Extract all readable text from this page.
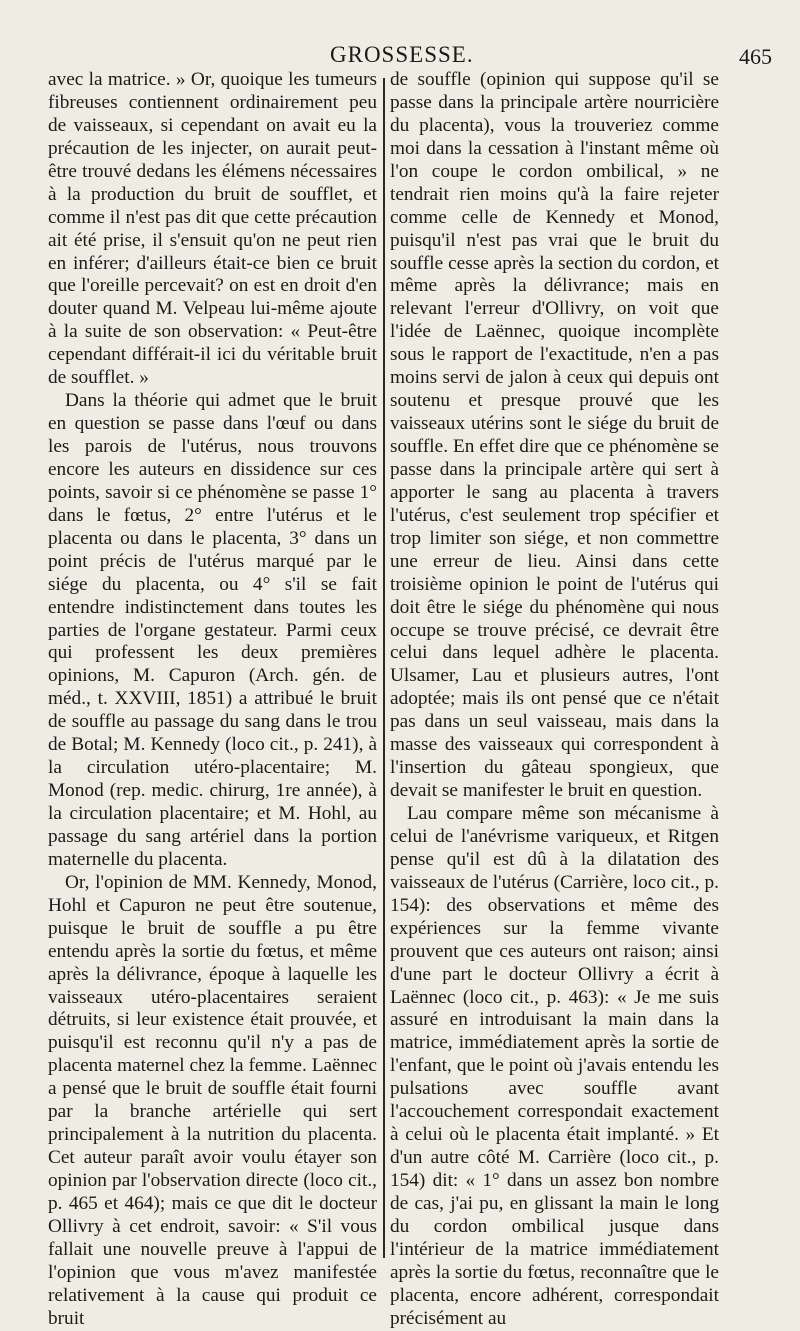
GROSSESSE.	465

avec la matrice. » Or, quoique les tumeurs fibreuses contiennent ordinairement peu de vaisseaux, si cependant on avait eu la précaution de les injecter, on aurait peut-être trouvé dedans les élémens nécessaires à la production du bruit de soufflet, et comme il n'est pas dit que cette précaution ait été prise, il s'ensuit qu'on ne peut rien en inférer; d'ailleurs était-ce bien ce bruit que l'oreille percevait? on est en droit d'en douter quand M. Velpeau lui-même ajoute à la suite de son observation: « Peut-être cependant différait-il ici du véritable bruit de soufflet. »

Dans la théorie qui admet que le bruit en question se passe dans l'œuf ou dans les parois de l'utérus, nous trouvons encore les auteurs en dissidence sur ces points, savoir si ce phénomène se passe 1° dans le fœtus, 2° entre l'utérus et le placenta ou dans le placenta, 3° dans un point précis de l'utérus marqué par le siége du placenta, ou 4° s'il se fait entendre indistinctement dans toutes les parties de l'organe gestateur. Parmi ceux qui professent les deux premières opinions, M. Capuron (Arch. gén. de méd., t. XXVIII, 1851) a attribué le bruit de souffle au passage du sang dans le trou de Botal; M. Kennedy (loco cit., p. 241), à la circulation utéro-placentaire; M. Monod (rep. medic. chirurg, 1re année), à la circulation placentaire; et M. Hohl, au passage du sang artériel dans la portion maternelle du placenta.

Or, l'opinion de MM. Kennedy, Monod, Hohl et Capuron ne peut être soutenue, puisque le bruit de souffle a pu être entendu après la sortie du fœtus, et même après la délivrance, époque à laquelle les vaisseaux utéro-placentaires seraient détruits, si leur existence était prouvée, et puisqu'il est reconnu qu'il n'y a pas de placenta maternel chez la femme. Laënnec a pensé que le bruit de souffle était fourni par la branche artérielle qui sert principalement à la nutrition du placenta. Cet auteur paraît avoir voulu étayer son opinion par l'observation directe (loco cit., p. 465 et 464); mais ce que dit le docteur Ollivry à cet endroit, savoir: « S'il vous fallait une nouvelle preuve à l'appui de l'opinion que vous m'avez manifestée relativement à la cause qui produit ce bruit

de souffle (opinion qui suppose qu'il se passe dans la principale artère nourricière du placenta), vous la trouveriez comme moi dans la cessation à l'instant même où l'on coupe le cordon ombilical, » ne tendrait rien moins qu'à la faire rejeter comme celle de Kennedy et Monod, puisqu'il n'est pas vrai que le bruit du souffle cesse après la section du cordon, et même après la délivrance; mais en relevant l'erreur d'Ollivry, on voit que l'idée de Laënnec, quoique incomplète sous le rapport de l'exactitude, n'en a pas moins servi de jalon à ceux qui depuis ont soutenu et presque prouvé que les vaisseaux utérins sont le siége du bruit de souffle. En effet dire que ce phénomène se passe dans la principale artère qui sert à apporter le sang au placenta à travers l'utérus, c'est seulement trop spécifier et trop limiter son siége, et non commettre une erreur de lieu. Ainsi dans cette troisième opinion le point de l'utérus qui doit être le siége du phénomène qui nous occupe se trouve précisé, ce devrait être celui dans lequel adhère le placenta. Ulsamer, Lau et plusieurs autres, l'ont adoptée; mais ils ont pensé que ce n'était pas dans un seul vaisseau, mais dans la masse des vaisseaux qui correspondent à l'insertion du gâteau spongieux, que devait se manifester le bruit en question.

Lau compare même son mécanisme à celui de l'anévrisme variqueux, et Ritgen pense qu'il est dû à la dilatation des vaisseaux de l'utérus (Carrière, loco cit., p. 154): des observations et même des expériences sur la femme vivante prouvent que ces auteurs ont raison; ainsi d'une part le docteur Ollivry a écrit à Laënnec (loco cit., p. 463): « Je me suis assuré en introduisant la main dans la matrice, immédiatement après la sortie de l'enfant, que le point où j'avais entendu les pulsations avec souffle avant l'accouchement correspondait exactement à celui où le placenta était implanté. » Et d'un autre côté M. Carrière (loco cit., p. 154) dit: « 1° dans un assez bon nombre de cas, j'ai pu, en glissant la main le long du cordon ombilical jusque dans l'intérieur de la matrice immédiatement après la sortie du fœtus, reconnaître que le placenta, encore adhérent, correspondait précisément au
